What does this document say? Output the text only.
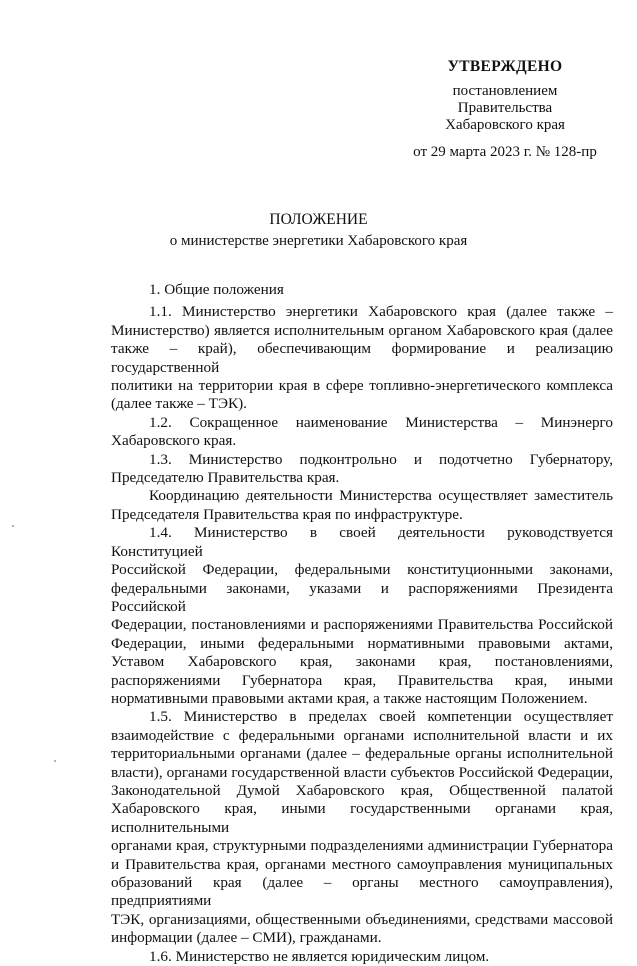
УТВЕРЖДЕНО
постановлением
Правительства
Хабаровского края
от 29 марта 2023 г. № 128-пр
ПОЛОЖЕНИЕ
о министерстве энергетики Хабаровского края

1. Общие положения

1.1. Министерство энергетики Хабаровского края (далее также –
Министерство) является исполнительным органом Хабаровского края (далее
также – край), обеспечивающим формирование и реализацию государственной
политики на территории края в сфере топливно-энергетического комплекса
(далее также – ТЭК).
1.2. Сокращенное наименование Министерства – Минэнерго
Хабаровского края.
1.3. Министерство подконтрольно и подотчетно Губернатору,
Председателю Правительства края.
Координацию деятельности Министерства осуществляет заместитель
Председателя Правительства края по инфраструктуре.
1.4. Министерство в своей деятельности руководствуется Конституцией
Российской Федерации, федеральными конституционными законами,
федеральными законами, указами и распоряжениями Президента Российской
Федерации, постановлениями и распоряжениями Правительства Российской
Федерации, иными федеральными нормативными правовыми актами,
Уставом Хабаровского края, законами края, постановлениями,
распоряжениями Губернатора края, Правительства края, иными
нормативными правовыми актами края, а также настоящим Положением.
1.5. Министерство в пределах своей компетенции осуществляет
взаимодействие с федеральными органами исполнительной власти и их
территориальными органами (далее – федеральные органы исполнительной
власти), органами государственной власти субъектов Российской Федерации,
Законодательной Думой Хабаровского края, Общественной палатой
Хабаровского края, иными государственными органами края, исполнительными
органами края, структурными подразделениями администрации Губернатора
и Правительства края, органами местного самоуправления муниципальных
образований края (далее – органы местного самоуправления), предприятиями
ТЭК, организациями, общественными объединениями, средствами массовой
информации (далее – СМИ), гражданами.
1.6. Министерство не является юридическим лицом.
